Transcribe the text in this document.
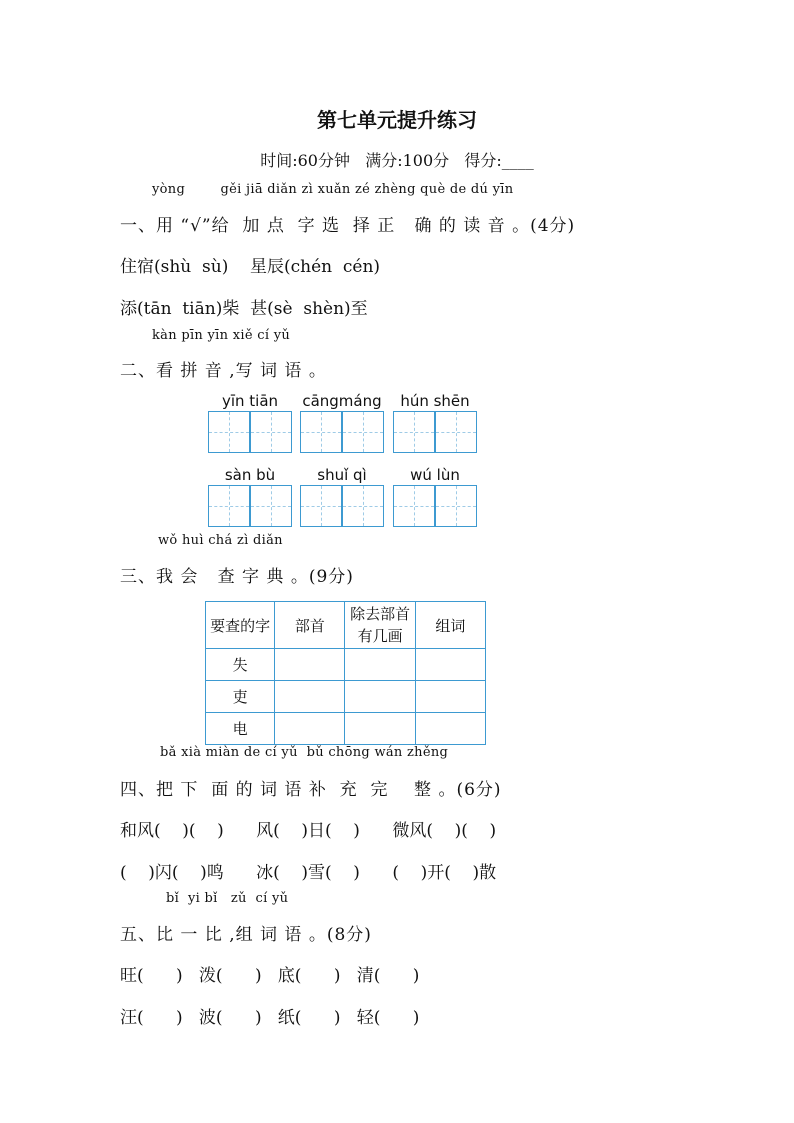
第七单元提升练习
时间:60分钟   满分:100分   得分:____
yòng        gěi jiā diǎn zì xuǎn zé zhèng què de dú yīn
一、用 “√”给  加 点  字 选  择 正   确 的 读 音 。(4分)
住宿(shù  sù)    星辰(chén  cén)
添(tān  tiān)柴  甚(sè  shèn)至
kàn pīn yīn xiě cí yǔ
二、看 拼 音 ,写 词 语 。
yīn tiān	cāngmáng	hún shēn
sàn bù	shuǐ qì	wú lùn
wǒ huì chá zì diǎn
三、我 会   查 字 典 。(9分)
要查的字	部首	除去部首
有几画	组词
失			
吏			
电			
bǎ xià miàn de cí yǔ  bǔ chōng wán zhěng
四、把 下  面 的 词 语 补  充  完    整 。(6分)
和风(    )(    )      风(    )日(    )      微风(    )(    )
(    )闪(    )鸣      冰(    )雪(    )      (    )开(    )散
bǐ  yi bǐ   zǔ  cí yǔ
五、比 一 比 ,组 词 语 。(8分)
旺(      )   泼(      )   底(      )   清(      )
汪(      )   波(      )   纸(      )   轻(      )
